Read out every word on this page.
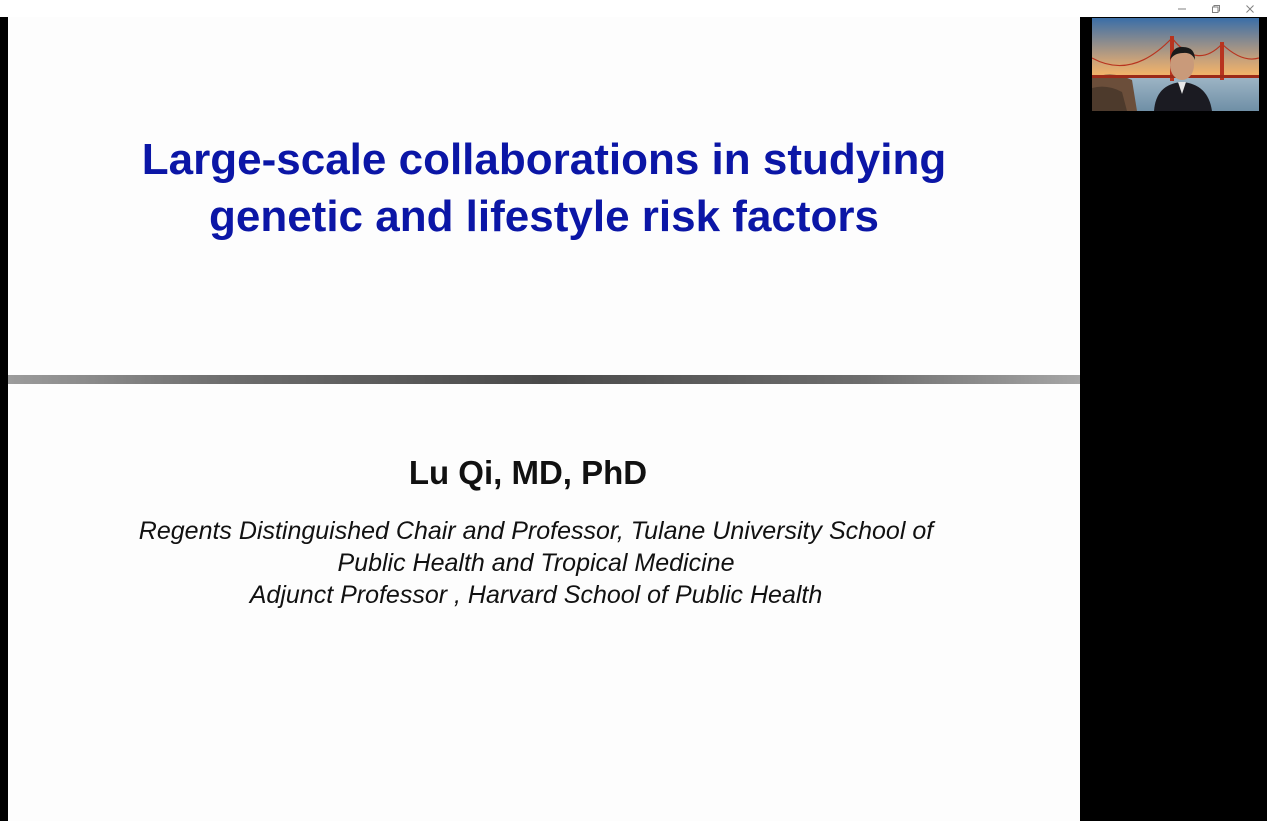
Large-scale collaborations in studying
genetic and lifestyle risk factors
Lu Qi, MD, PhD
Regents Distinguished Chair and Professor, Tulane University School of
Public Health and Tropical Medicine
Adjunct Professor , Harvard School of Public Health
